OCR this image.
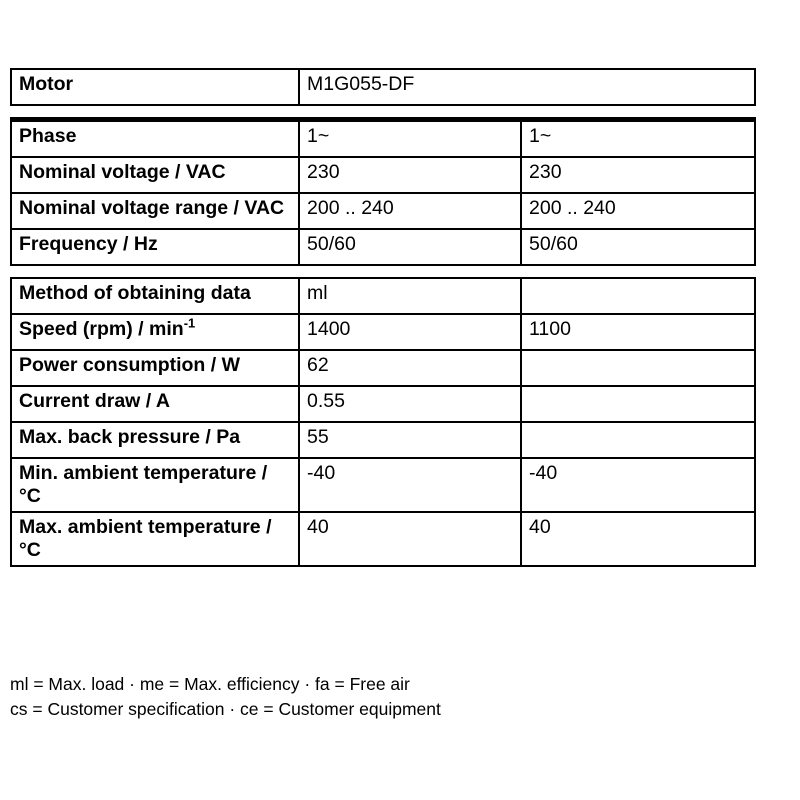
Motor	M1G055-DF	

Phase	1~	1~
Nominal voltage / VAC	230	230
Nominal voltage range / VAC	200 .. 240	200 .. 240
Frequency / Hz	50/60	50/60

Method of obtaining data	ml	
Speed $(rpm) / \min^{-1}$	1400	1100
Power consumption / W	62	
Current draw / A	0.55	
Max. back pressure / Pa	55	
Min. ambient temperature / °C	-40	-40
Max. ambient temperature / °C	40	40
ml = Max. load · me = Max. efficiency · fa = Free air
cs = Customer specification · ce = Customer equipment
